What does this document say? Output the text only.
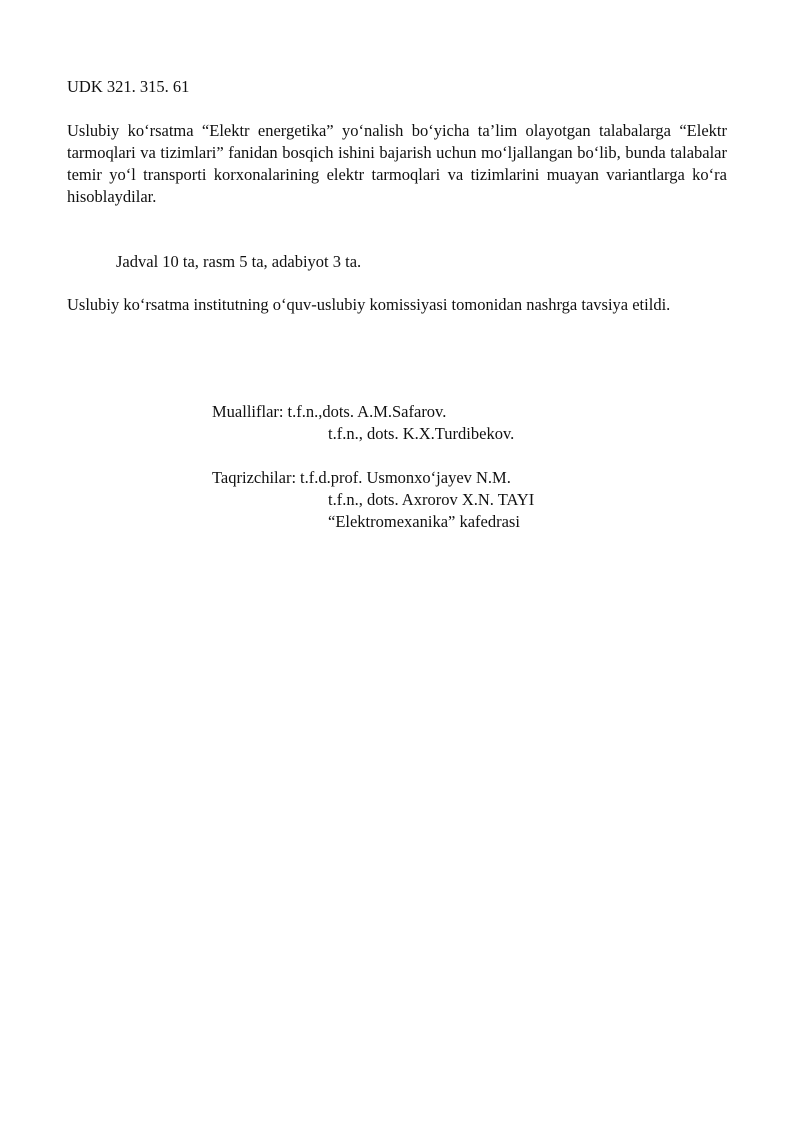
UDK 321. 315. 61

Uslubiy ko‘rsatma “Elektr energetika” yo‘nalish bo‘yicha ta’lim olayotgan talabalarga “Elektr tarmoqlari va tizimlari” fanidan bosqich ishini bajarish uchun mo‘ljallangan bo‘lib, bunda talabalar temir yo‘l transporti korxonalarining elektr tarmoqlari va tizimlarini muayan variantlarga ko‘ra hisoblaydilar.

Jadval 10 ta, rasm 5 ta, adabiyot 3 ta.

Uslubiy ko‘rsatma institutning o‘quv-uslubiy komissiyasi tomonidan nashrga tavsiya etildi.

Mualliflar: t.f.n.,dots. A.M.Safarov.
t.f.n., dots. K.X.Turdibekov.
Taqrizchilar: t.f.d.prof. Usmonxo‘jayev N.M.
t.f.n., dots. Axrorov X.N. TAYI
“Elektromexanika” kafedrasi
